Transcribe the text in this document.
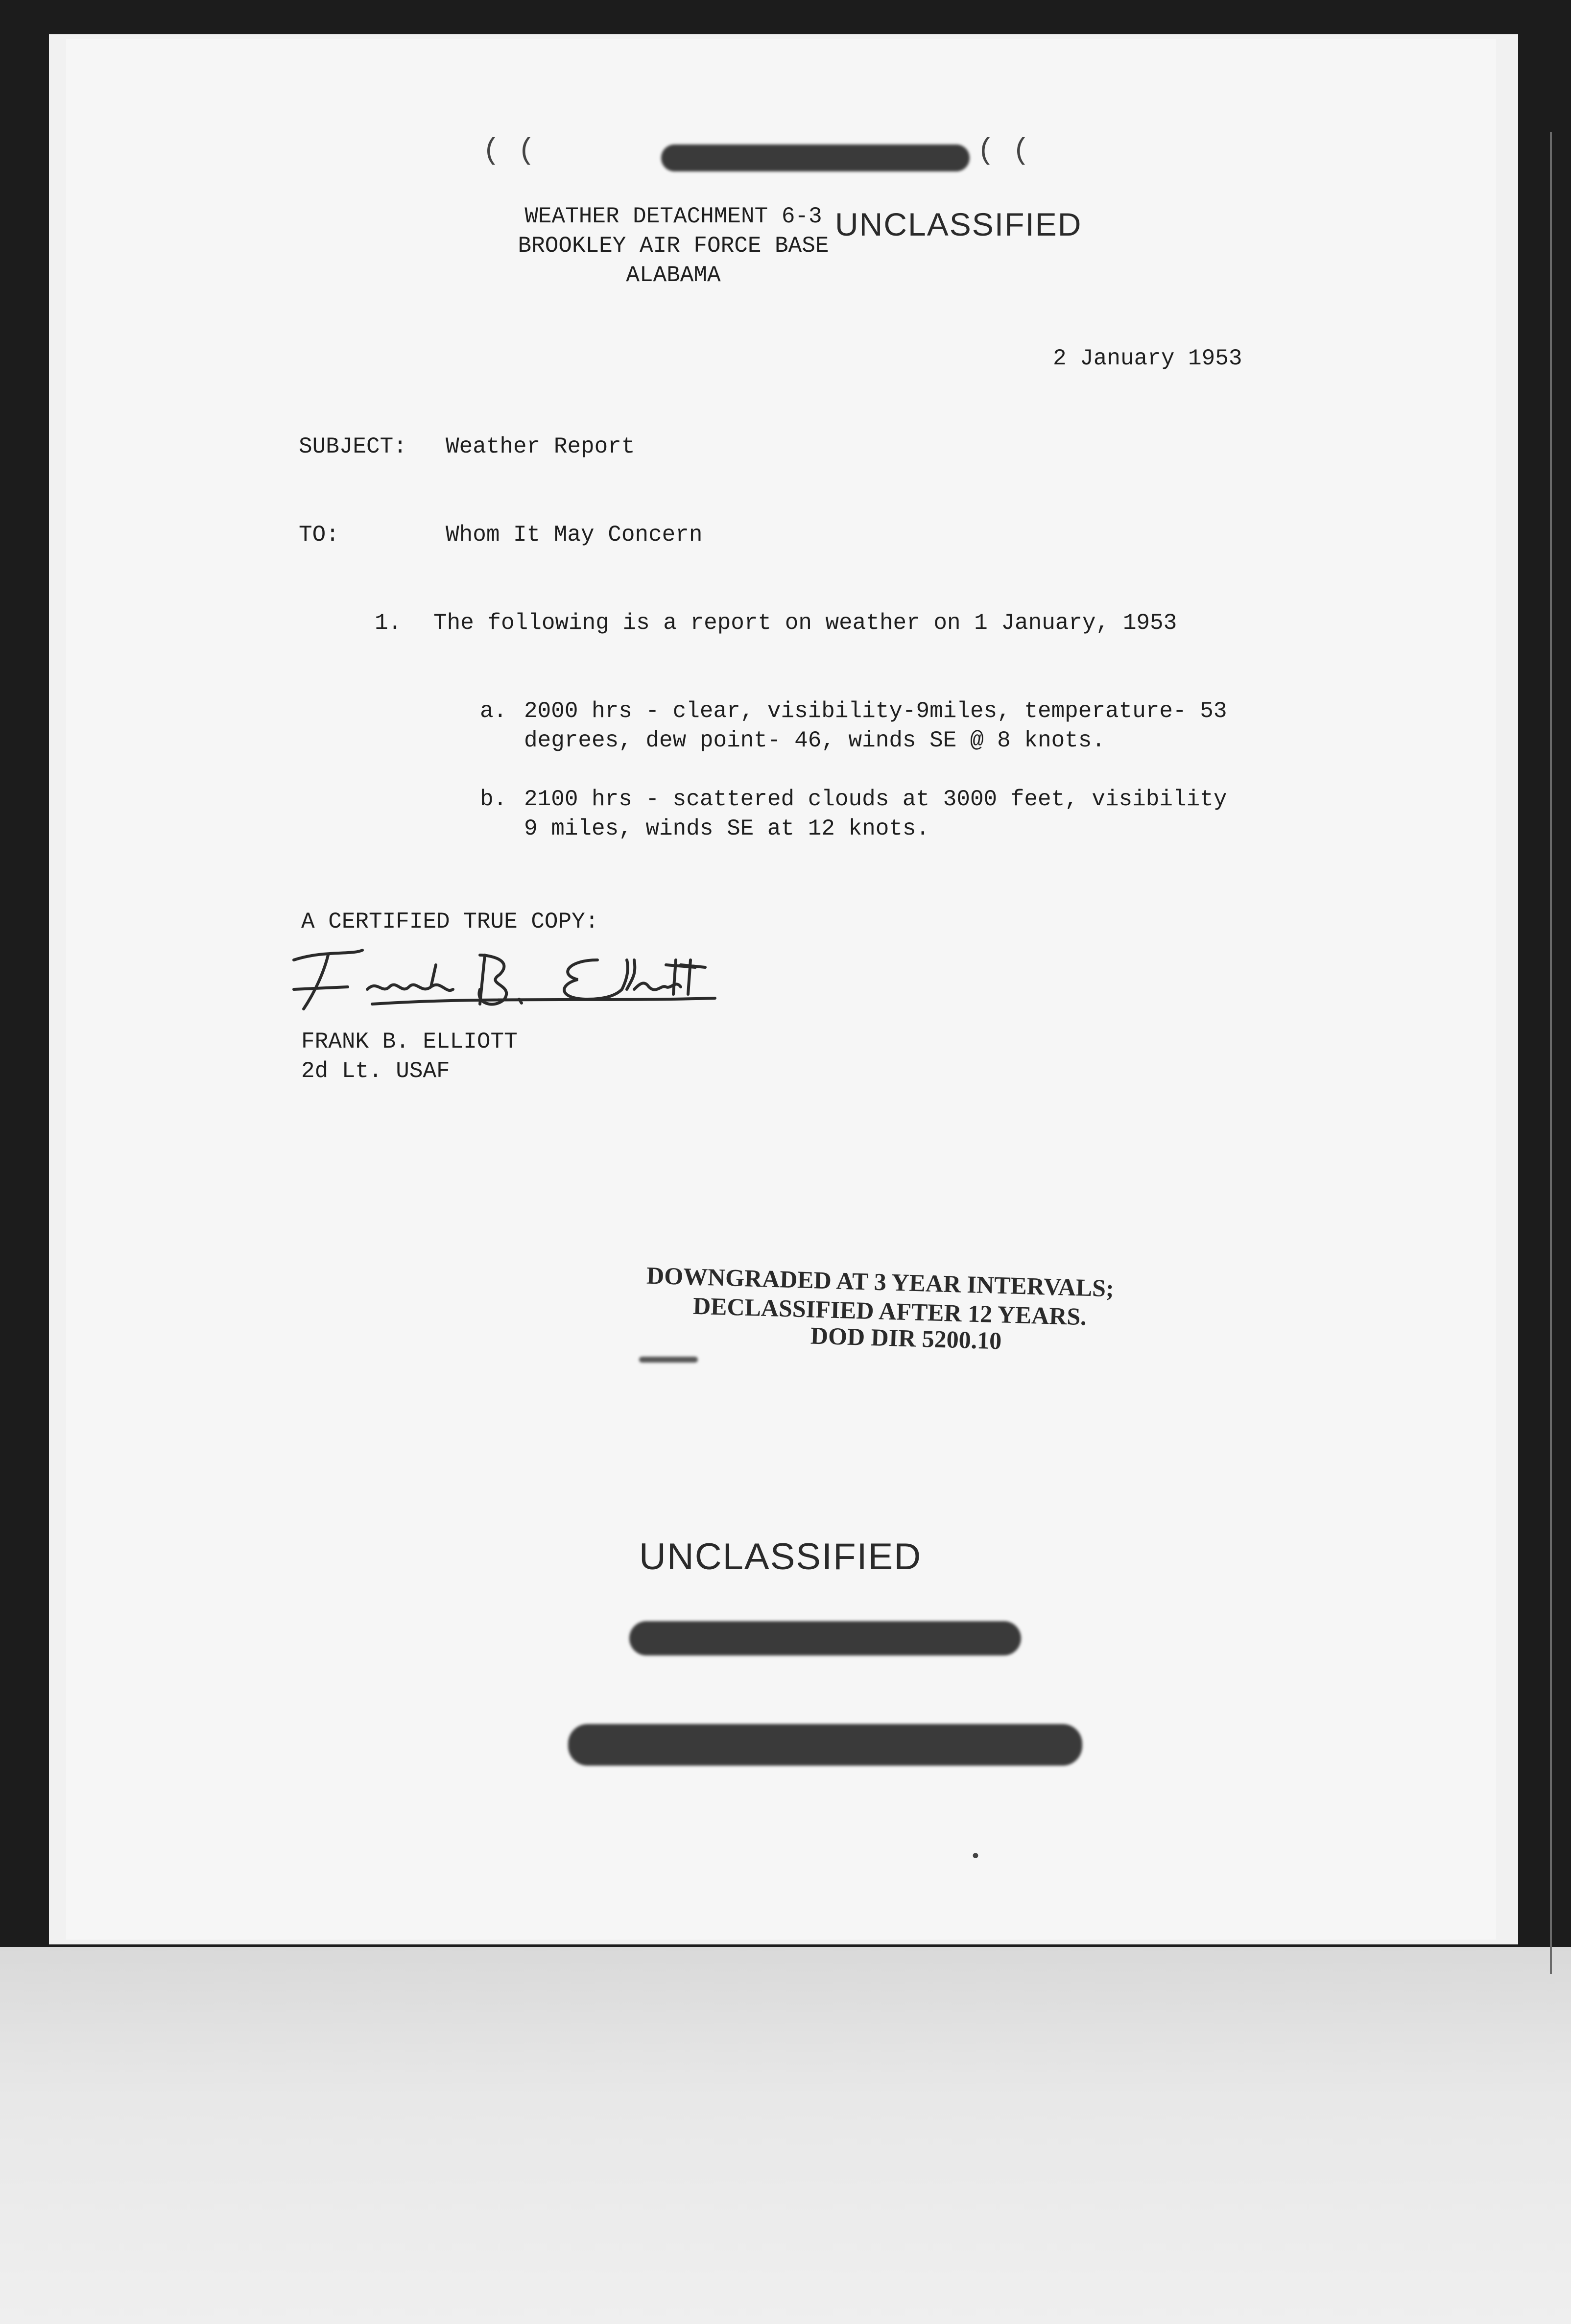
( (	( (
WEATHER DETACHMENT 6-3
BROOKLEY AIR FORCE BASE
ALABAMA
UNCLASSIFIED
2 January 1953
SUBJECT: Weather Report
TO:	Whom It May Concern
1. The following is a report on weather on 1 January, 1953
a. 2000 hrs - clear, visibility-9miles, temperature- 53
degrees, dew point- 46, winds SE @ 8 knots.
b. 2100 hrs - scattered clouds at 3000 feet, visibility
9 miles, winds SE at 12 knots.
A CERTIFIED TRUE COPY:
FRANK B. ELLIOTT
2d Lt. USAF
DOWNGRADED AT 3 YEAR INTERVALS;
DECLASSIFIED AFTER 12 YEARS.
DOD DIR 5200.10
UNCLASSIFIED
•
